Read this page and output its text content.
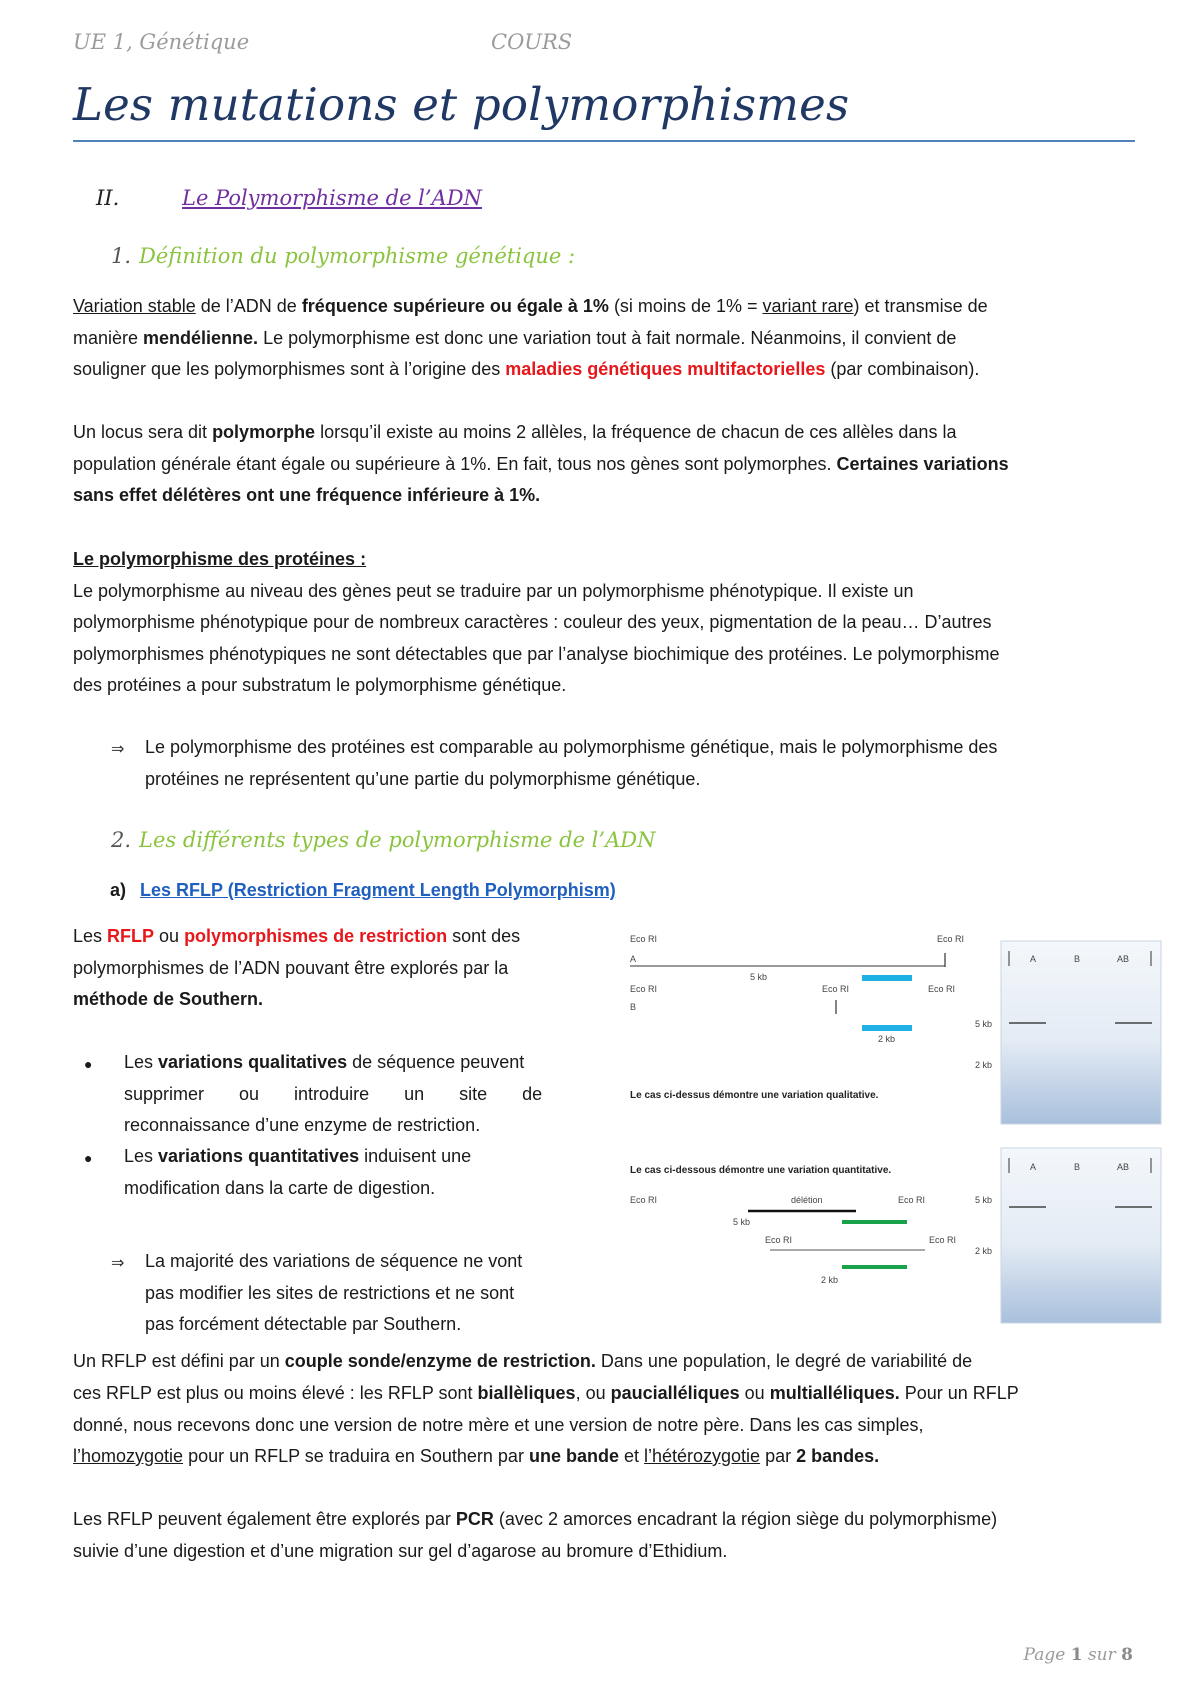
UE 1, Génétique	COURS
Les mutations et polymorphismes
II.	Le Polymorphisme de l’ADN
1. Définition du polymorphisme génétique :
Variation stable de l’ADN de fréquence supérieure ou égale à 1% (si moins de 1% = variant rare) et transmise de
manière mendélienne. Le polymorphisme est donc une variation tout à fait normale. Néanmoins, il convient de
souligner que les polymorphismes sont à l’origine des maladies génétiques multifactorielles (par combinaison).
Un locus sera dit polymorphe lorsqu’il existe au moins 2 allèles, la fréquence de chacun de ces allèles dans la
population générale étant égale ou supérieure à 1%. En fait, tous nos gènes sont polymorphes. Certaines variations
sans effet délétères ont une fréquence inférieure à 1%.
Le polymorphisme des protéines :
Le polymorphisme au niveau des gènes peut se traduire par un polymorphisme phénotypique. Il existe un
polymorphisme phénotypique pour de nombreux caractères : couleur des yeux, pigmentation de la peau… D’autres
polymorphismes phénotypiques ne sont détectables que par l’analyse biochimique des protéines. Le polymorphisme
des protéines a pour substratum le polymorphisme génétique.
⇒ Le polymorphisme des protéines est comparable au polymorphisme génétique, mais le polymorphisme des
protéines ne représentent qu’une partie du polymorphisme génétique.
2. Les différents types de polymorphisme de l’ADN
a) Les RFLP (Restriction Fragment Length Polymorphism)
Les RFLP ou polymorphismes de restriction sont des
polymorphismes de l’ADN pouvant être explorés par la
méthode de Southern.
● Les variations qualitatives de séquence peuvent
supprimer ou introduire un site de
reconnaissance d’une enzyme de restriction.
● Les variations quantitatives induisent une
modification dans la carte de digestion.
⇒ La majorité des variations de séquence ne vont
pas modifier les sites de restrictions et ne sont
pas forcément détectable par Southern.
Eco RI	Eco RI
A
5 kb
Eco RI	Eco RI	Eco RI
B
2 kb
5 kb
2 kb
Le cas ci-dessus démontre une variation qualitative.
A	B	AB
Le cas ci-dessous démontre une variation quantitative.
Eco RI	délétion	Eco RI	5 kb
5 kb
Eco RI	Eco RI
2 kb
2 kb
A	B	AB
Un RFLP est défini par un couple sonde/enzyme de restriction. Dans une population, le degré de variabilité de
ces RFLP est plus ou moins élevé : les RFLP sont biallèliques, ou paucialléliques ou multialléliques. Pour un RFLP
donné, nous recevons donc une version de notre mère et une version de notre père. Dans les cas simples,
l’homozygotie pour un RFLP se traduira en Southern par une bande et l’hétérozygotie par 2 bandes.
Les RFLP peuvent également être explorés par PCR (avec 2 amorces encadrant la région siège du polymorphisme)
suivie d’une digestion et d’une migration sur gel d’agarose au bromure d’Ethidium.
Page 1 sur 8
